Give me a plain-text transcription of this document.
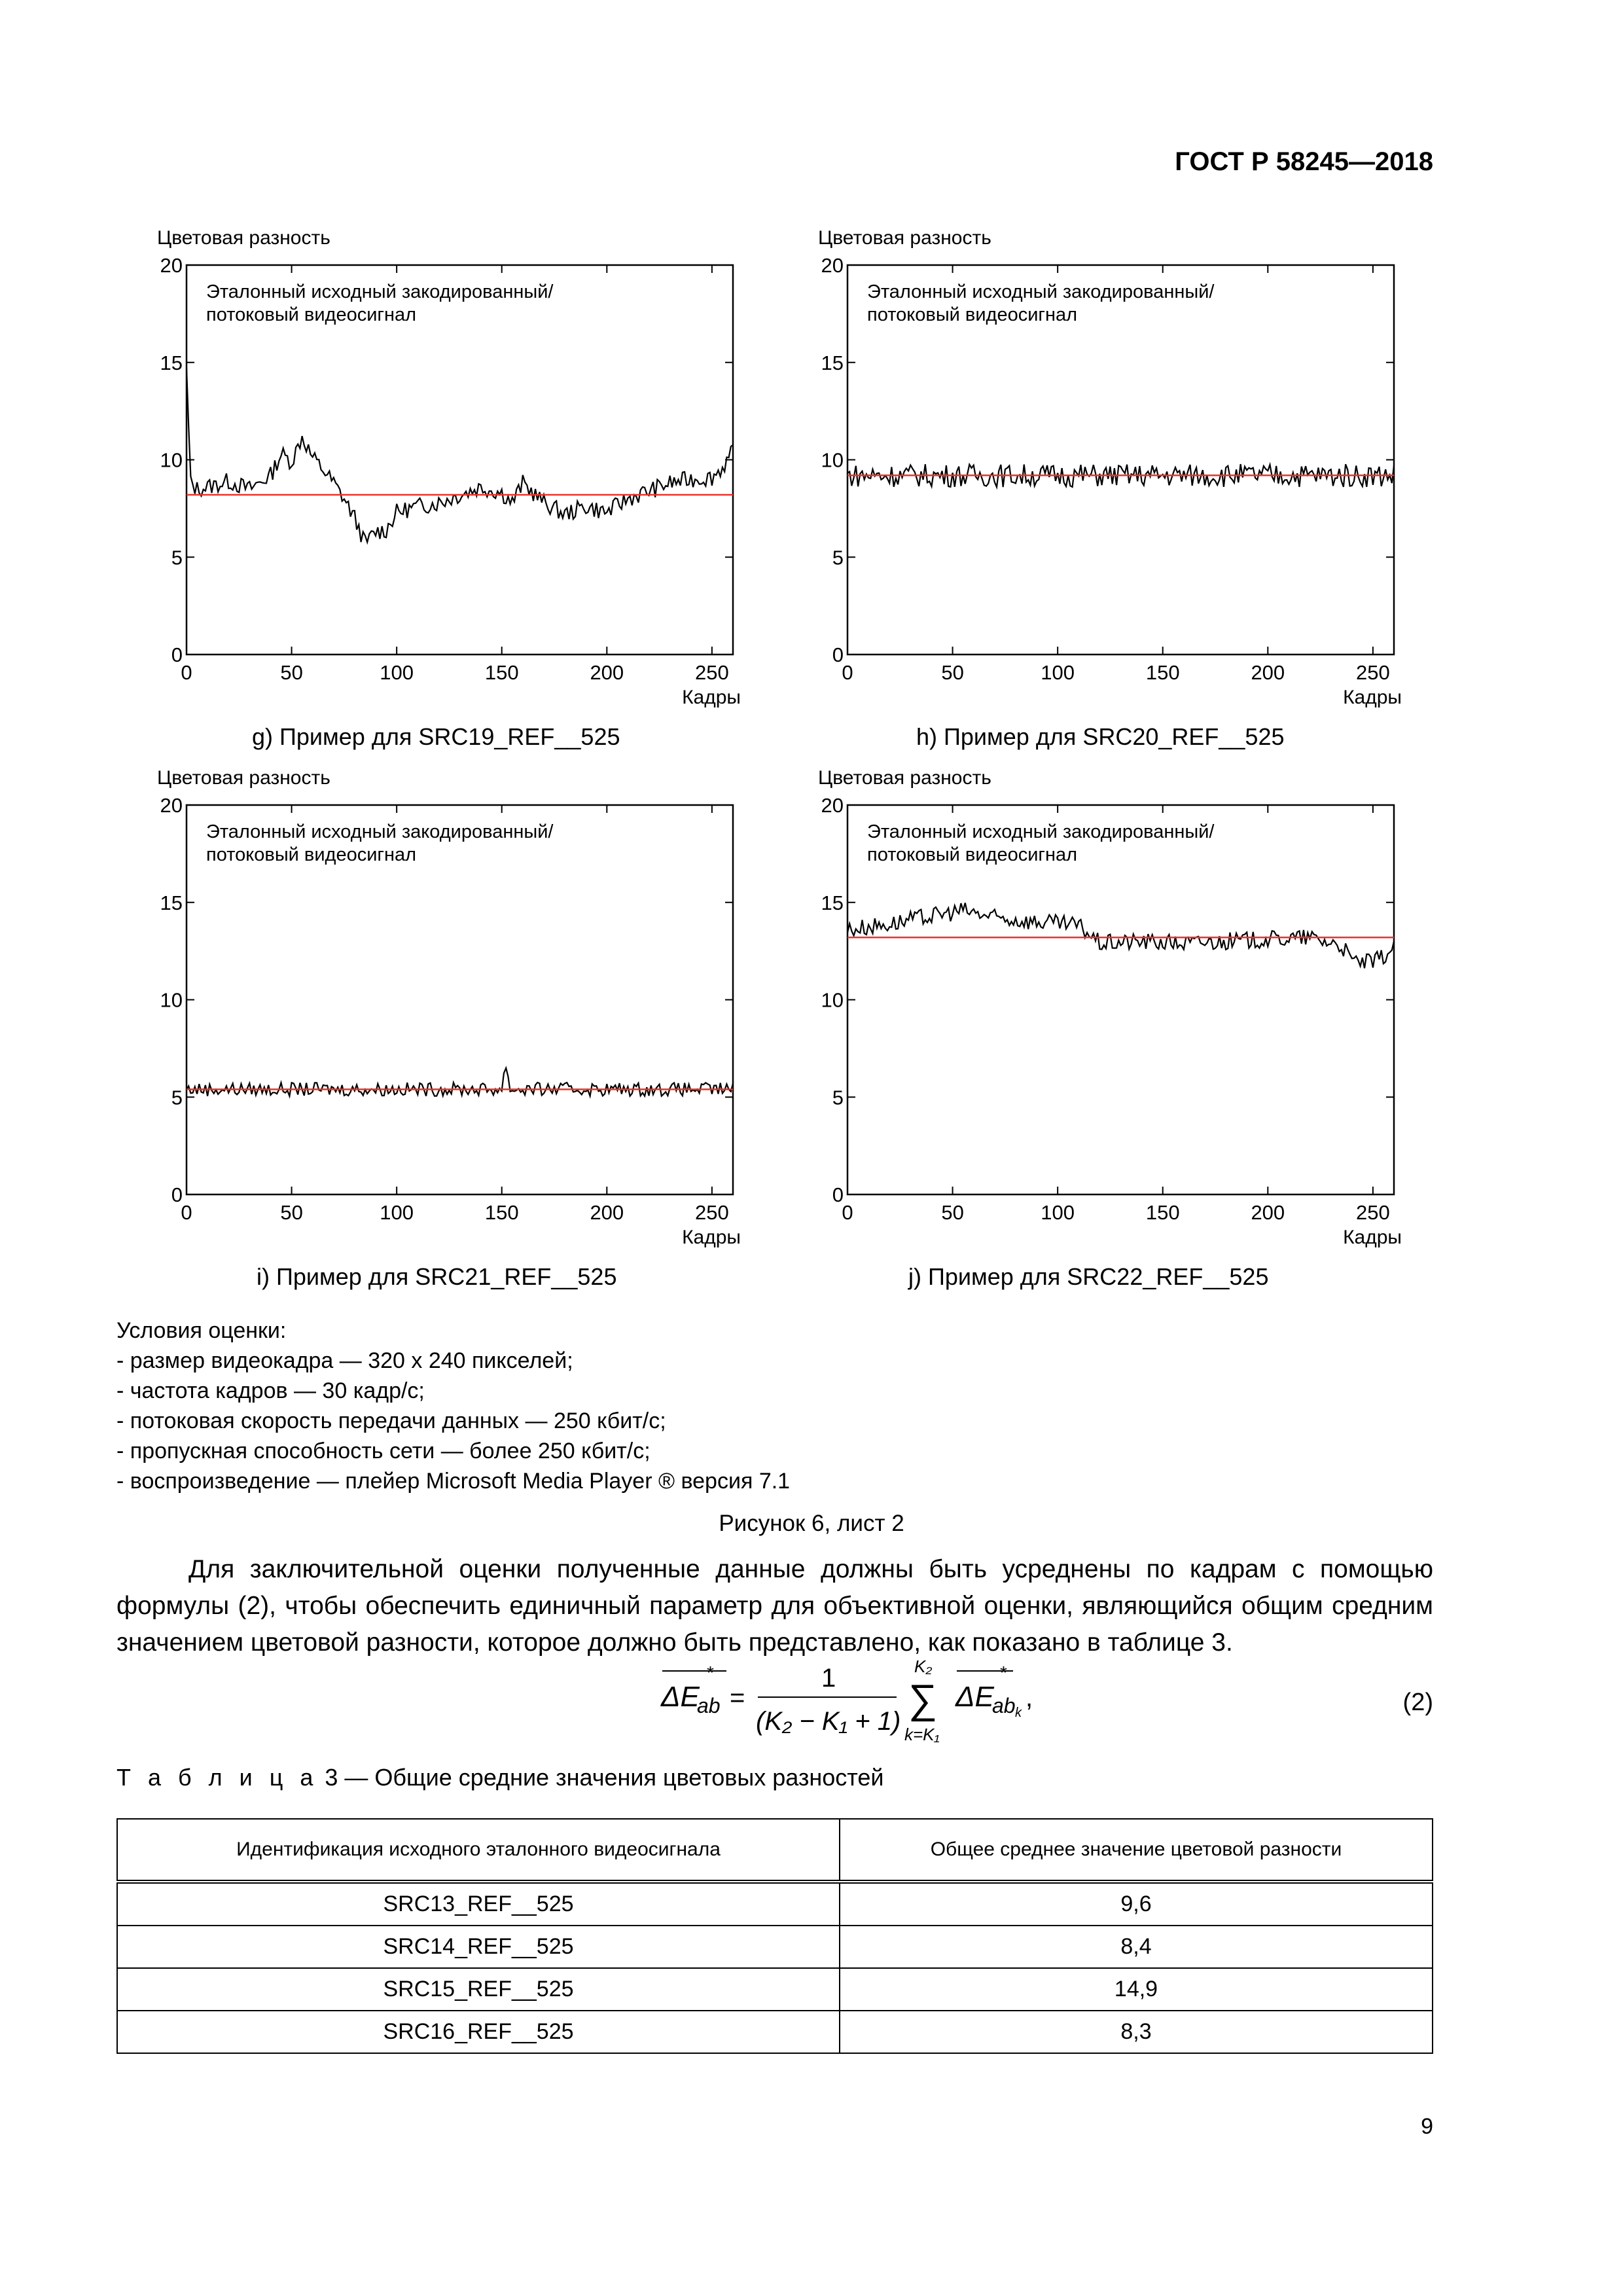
ГОСТ Р 58245—2018
Цветовая разность
Эталонный исходный закодированный/
потоковый видеосигнал
20
15
10
5
0
0	50	100	150	200	250
Кадры
g) Пример для SRC19_REF__525
Цветовая разность
Эталонный исходный закодированный/
потоковый видеосигнал
20
15
10
5
0
0	50	100	150	200	250
Кадры
h) Пример для SRC20_REF__525
Цветовая разность
Эталонный исходный закодированный/
потоковый видеосигнал
20
15
10
5
0
0	50	100	150	200	250
Кадры
i) Пример для SRC21_REF__525
Цветовая разность
Эталонный исходный закодированный/
потоковый видеосигнал
20
15
10
5
0
0	50	100	150	200	250
Кадры
j) Пример для SRC22_REF__525
Условия оценки:
- размер видеокадра — 320 x 240 пикселей;
- частота кадров — 30 кадр/с;
- потоковая скорость передачи данных — 250 кбит/с;
- пропускная способность сети — более 250 кбит/с;
- воспроизведение — плейер Microsoft Media Player ® версия 7.1
Рисунок 6, лист 2
Для заключительной оценки полученные данные должны быть усреднены по кадрам с помощью формулы (2), чтобы обеспечить единичный параметр для объективной оценки, являющийся общим средним значением цветовой разности, которое должно быть представлено, как показано в таблице 3.
*
ΔE
ab =
1
(K₂ − K₁ + 1)
K₂
∑
k=K₁
*
ΔE
ab k
,	(2)
Т а б л и ц а 3 — Общие средние значения цветовых разностей
Идентификация исходного эталонного видеосигнала	Общее среднее значение цветовой разности
SRC13_REF__525	9,6
SRC14_REF__525	8,4
SRC15_REF__525	14,9
SRC16_REF__525	8,3
9
